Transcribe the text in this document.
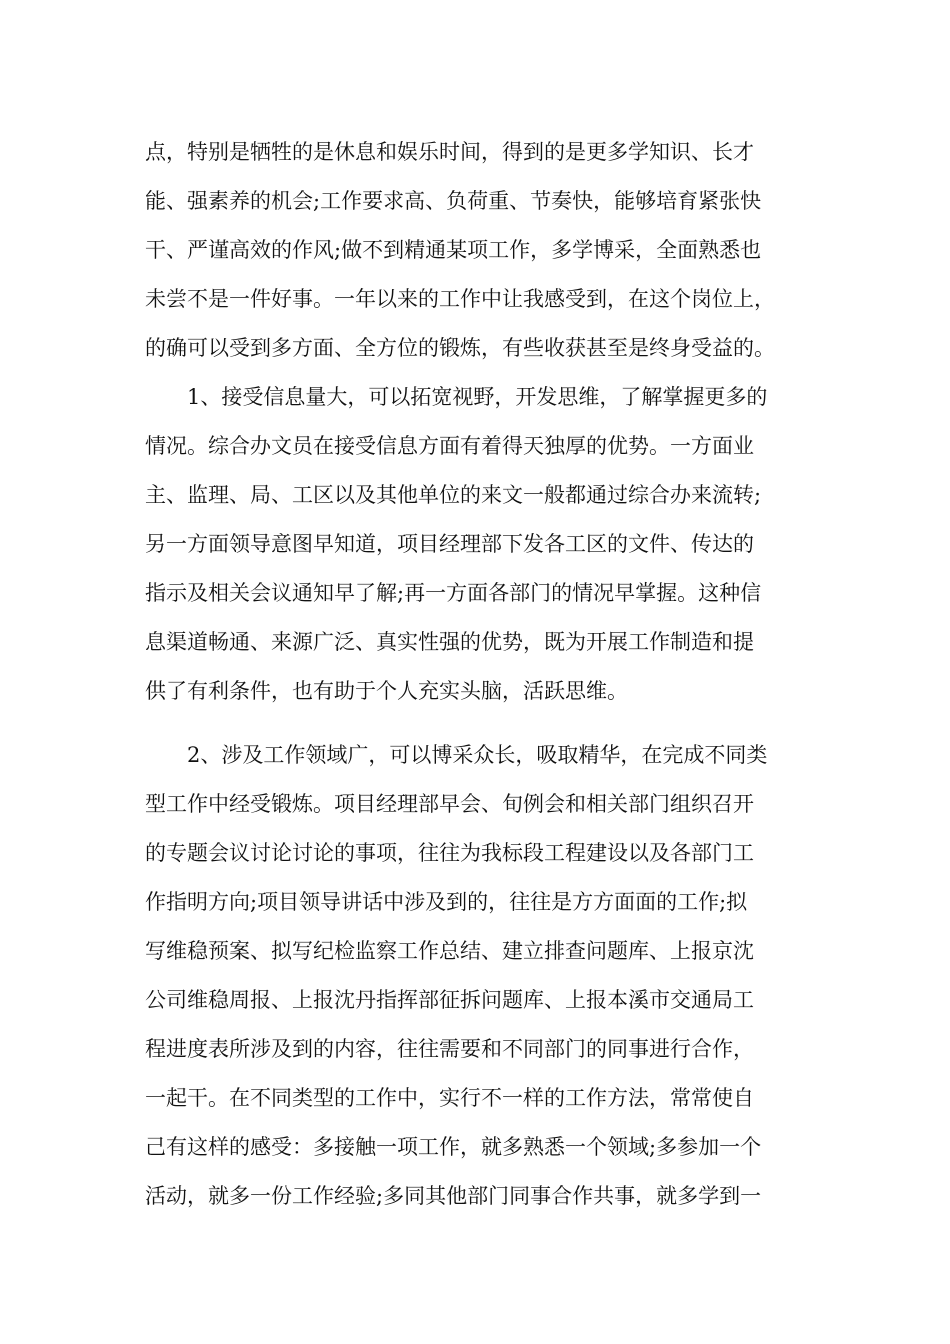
点，特别是牺牲的是休息和娱乐时间，得到的是更多学知识、长才
能、强素养的机会;工作要求高、负荷重、节奏快，能够培育紧张快
干、严谨高效的作风;做不到精通某项工作，多学博采，全面熟悉也
未尝不是一件好事。一年以来的工作中让我感受到，在这个岗位上，
的确可以受到多方面、全方位的锻炼，有些收获甚至是终身受益的。
1、接受信息量大，可以拓宽视野，开发思维，了解掌握更多的
情况。综合办文员在接受信息方面有着得天独厚的优势。一方面业
主、监理、局、工区以及其他单位的来文一般都通过综合办来流转;
另一方面领导意图早知道，项目经理部下发各工区的文件、传达的
指示及相关会议通知早了解;再一方面各部门的情况早掌握。这种信
息渠道畅通、来源广泛、真实性强的优势，既为开展工作制造和提
供了有利条件，也有助于个人充实头脑，活跃思维。
2、涉及工作领域广，可以博采众长，吸取精华，在完成不同类
型工作中经受锻炼。项目经理部早会、旬例会和相关部门组织召开
的专题会议讨论讨论的事项，往往为我标段工程建设以及各部门工
作指明方向;项目领导讲话中涉及到的，往往是方方面面的工作;拟
写维稳预案、拟写纪检监察工作总结、建立排查问题库、上报京沈
公司维稳周报、上报沈丹指挥部征拆问题库、上报本溪市交通局工
程进度表所涉及到的内容，往往需要和不同部门的同事进行合作，
一起干。在不同类型的工作中，实行不一样的工作方法，常常使自
己有这样的感受：多接触一项工作，就多熟悉一个领域;多参加一个
活动，就多一份工作经验;多同其他部门同事合作共事，就多学到一
